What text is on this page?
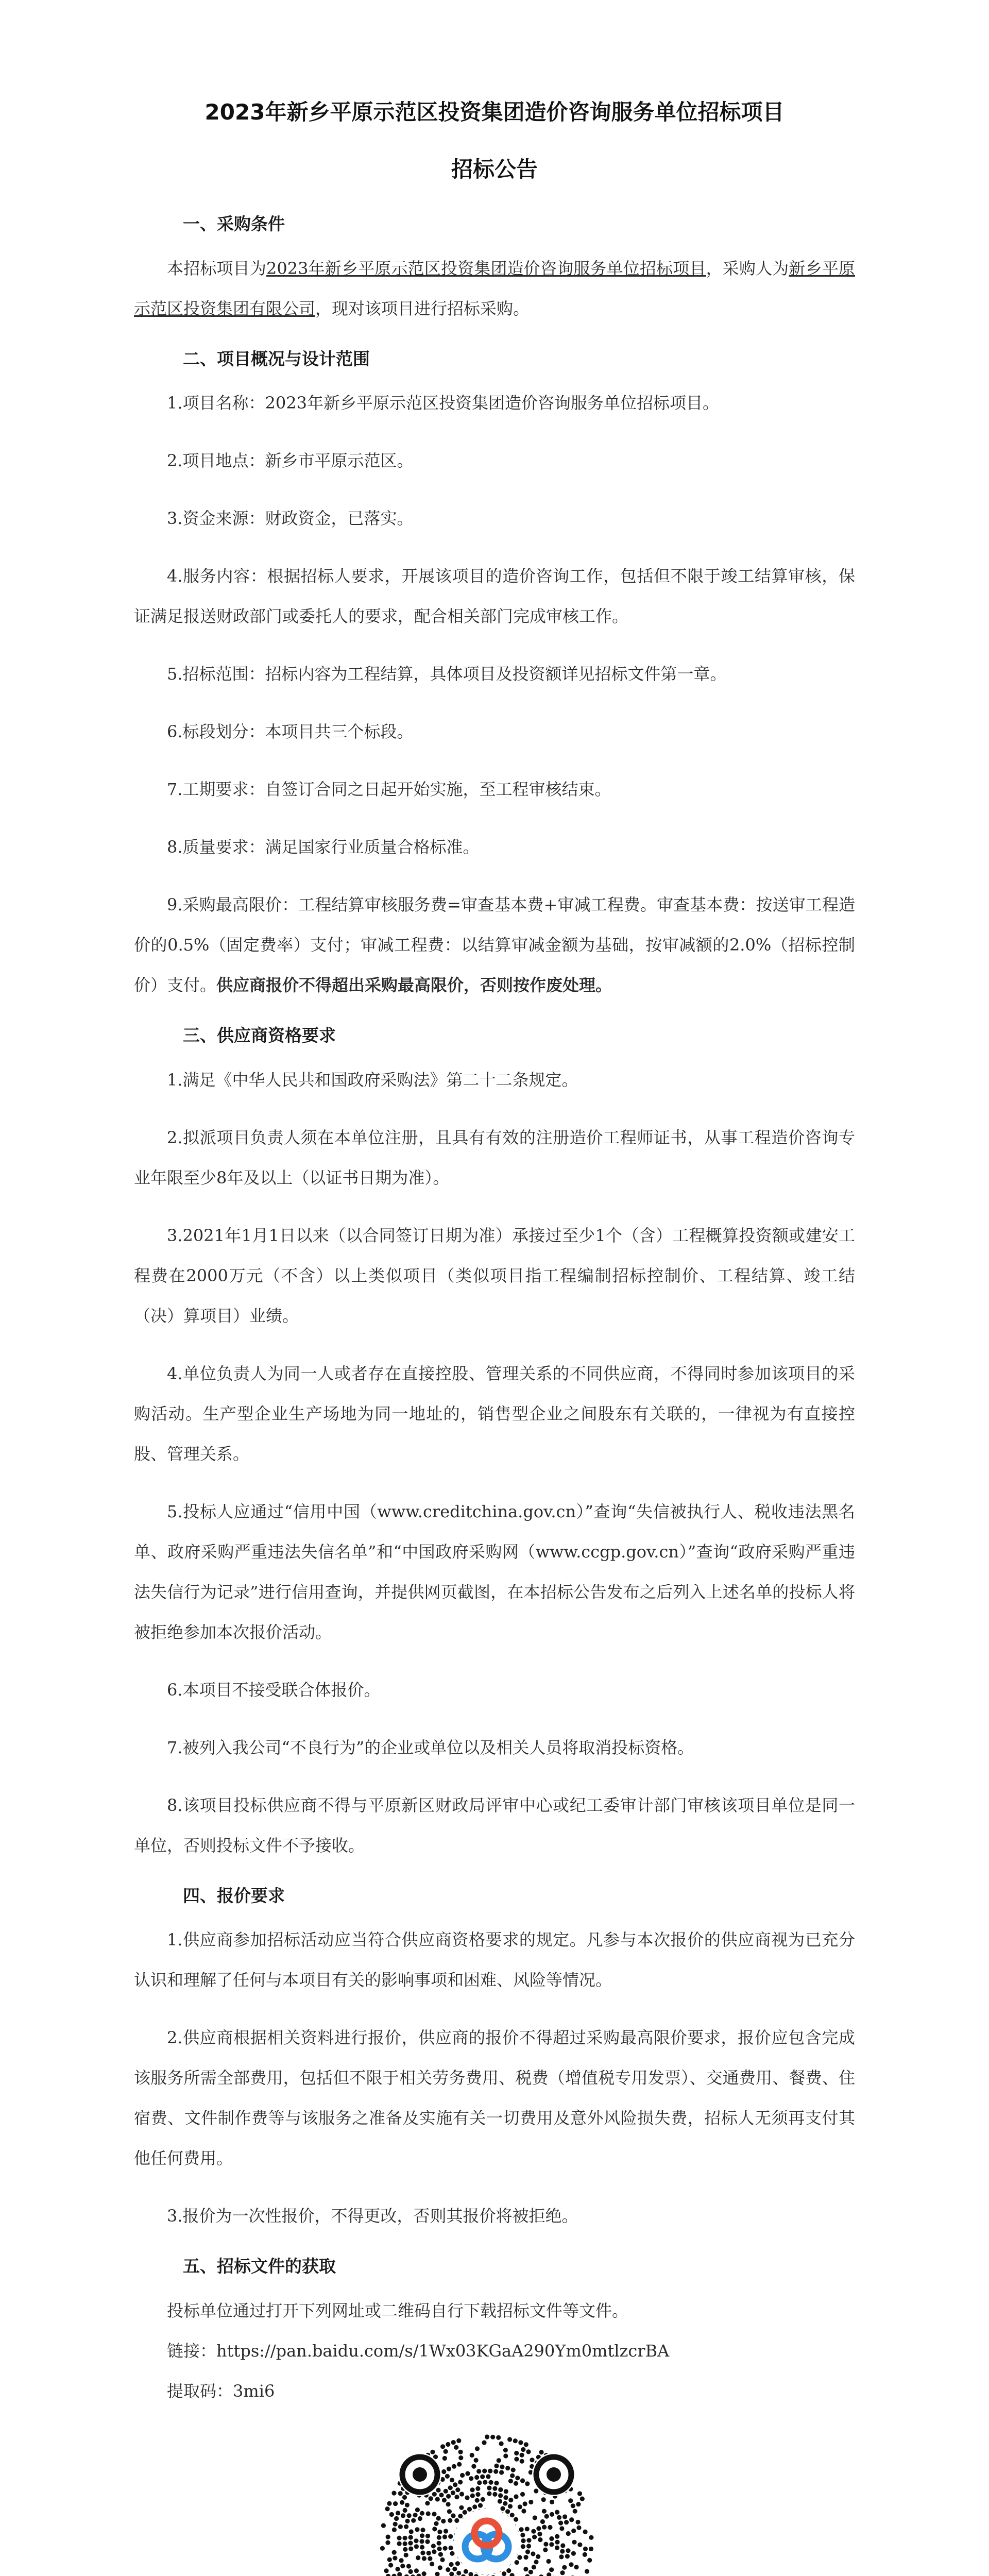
2023年新乡平原示范区投资集团造价咨询服务单位招标项目
招标公告
一、采购条件

本招标项目为2023年新乡平原示范区投资集团造价咨询服务单位招标项目，采购人为新乡平原示范区投资集团有限公司，现对该项目进行招标采购。

二、项目概况与设计范围

1.项目名称：2023年新乡平原示范区投资集团造价咨询服务单位招标项目。

2.项目地点：新乡市平原示范区。

3.资金来源：财政资金，已落实。

4.服务内容：根据招标人要求，开展该项目的造价咨询工作，包括但不限于竣工结算审核，保证满足报送财政部门或委托人的要求，配合相关部门完成审核工作。

5.招标范围：招标内容为工程结算，具体项目及投资额详见招标文件第一章。

6.标段划分：本项目共三个标段。

7.工期要求：自签订合同之日起开始实施，至工程审核结束。

8.质量要求：满足国家行业质量合格标准。

9.采购最高限价：工程结算审核服务费=审查基本费+审减工程费。审查基本费：按送审工程造价的0.5%（固定费率）支付；审减工程费：以结算审减金额为基础，按审减额的2.0%（招标控制价）支付。供应商报价不得超出采购最高限价，否则按作废处理。

三、供应商资格要求

1.满足《中华人民共和国政府采购法》第二十二条规定。

2.拟派项目负责人须在本单位注册，且具有有效的注册造价工程师证书，从事工程造价咨询专业年限至少8年及以上（以证书日期为准）。

3.2021年1月1日以来（以合同签订日期为准）承接过至少1个（含）工程概算投资额或建安工程费在2000万元（不含）以上类似项目（类似项目指工程编制招标控制价、工程结算、竣工结（决）算项目）业绩。

4.单位负责人为同一人或者存在直接控股、管理关系的不同供应商，不得同时参加该项目的采购活动。生产型企业生产场地为同一地址的，销售型企业之间股东有关联的，一律视为有直接控股、管理关系。

5.投标人应通过“信用中国（www.creditchina.gov.cn）”查询“失信被执行人、税收违法黑名单、政府采购严重违法失信名单”和“中国政府采购网（www.ccgp.gov.cn）”查询“政府采购严重违法失信行为记录”进行信用查询，并提供网页截图，在本招标公告发布之后列入上述名单的投标人将被拒绝参加本次报价活动。

6.本项目不接受联合体报价。

7.被列入我公司“不良行为”的企业或单位以及相关人员将取消投标资格。

8.该项目投标供应商不得与平原新区财政局评审中心或纪工委审计部门审核该项目单位是同一单位，否则投标文件不予接收。

四、报价要求

1.供应商参加招标活动应当符合供应商资格要求的规定。凡参与本次报价的供应商视为已充分认识和理解了任何与本项目有关的影响事项和困难、风险等情况。

2.供应商根据相关资料进行报价，供应商的报价不得超过采购最高限价要求，报价应包含完成该服务所需全部费用，包括但不限于相关劳务费用、税费（增值税专用发票）、交通费用、餐费、住宿费、文件制作费等与该服务之准备及实施有关一切费用及意外风险损失费，招标人无须再支付其他任何费用。

3.报价为一次性报价，不得更改，否则其报价将被拒绝。

五、招标文件的获取

投标单位通过打开下列网址或二维码自行下载招标文件等文件。

链接：https://pan.baidu.com/s/1Wx03KGaA290Ym0mtlzcrBA

提取码：3mi6
